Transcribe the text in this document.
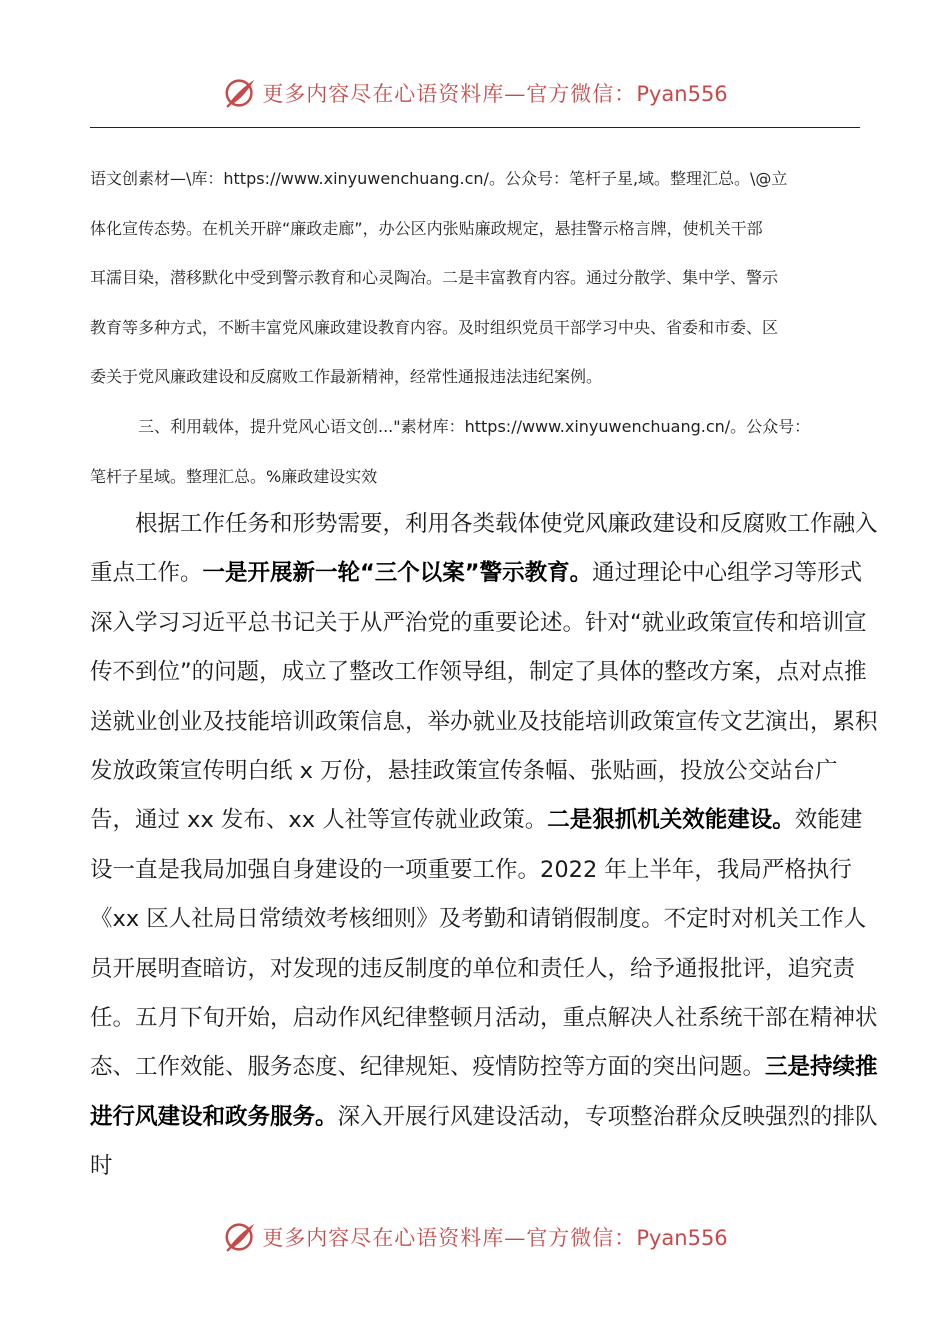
更多内容尽在心语资料库—官方微信：Pyan556

语文创素材—\库：https://www.xinyuwenchuang.cn/。公众号：笔杆子星,域。整理汇总。\@立

体化宣传态势。在机关开辟“廉政走廊”，办公区内张贴廉政规定，悬挂警示格言牌，使机关干部

耳濡目染，潜移默化中受到警示教育和心灵陶冶。二是丰富教育内容。通过分散学、集中学、警示

教育等多种方式，不断丰富党风廉政建设教育内容。及时组织党员干部学习中央、省委和市委、区

委关于党风廉政建设和反腐败工作最新精神，经常性通报违法违纪案例。

三、利用载体，提升党风心语文创..."素材库：https://www.xinyuwenchuang.cn/。公众号：

笔杆子星域。整理汇总。%廉政建设实效

根据工作任务和形势需要，利用各类载体使党风廉政建设和反腐败工作融入重点工作。一是开展新一轮“三个以案”警示教育。通过理论中心组学习等形式深入学习习近平总书记关于从严治党的重要论述。针对“就业政策宣传和培训宣传不到位”的问题，成立了整改工作领导组，制定了具体的整改方案，点对点推送就业创业及技能培训政策信息，举办就业及技能培训政策宣传文艺演出，累积发放政策宣传明白纸 x 万份，悬挂政策宣传条幅、张贴画，投放公交站台广告，通过 xx 发布、xx 人社等宣传就业政策。二是狠抓机关效能建设。效能建设一直是我局加强自身建设的一项重要工作。2022 年上半年，我局严格执行《xx 区人社局日常绩效考核细则》及考勤和请销假制度。不定时对机关工作人员开展明查暗访，对发现的违反制度的单位和责任人，给予通报批评，追究责任。五月下旬开始，启动作风纪律整顿月活动，重点解决人社系统干部在精神状态、工作效能、服务态度、纪律规矩、疫情防控等方面的突出问题。三是持续推进行风建设和政务服务。深入开展行风建设活动，专项整治群众反映强烈的排队时

更多内容尽在心语资料库—官方微信：Pyan556
